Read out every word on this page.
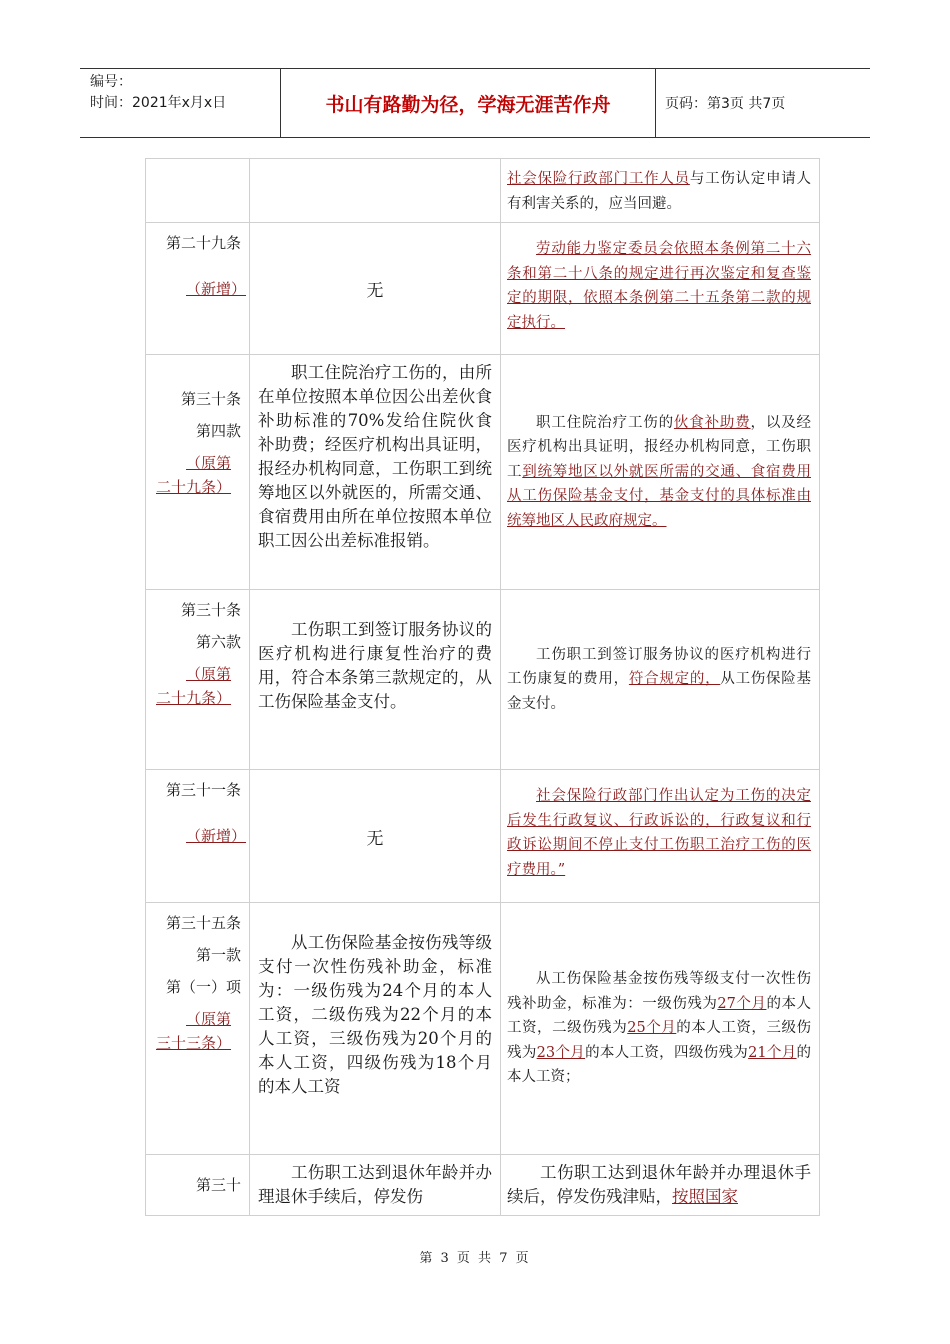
编号：
时间：2021年x月x日	书山有路勤为径，学海无涯苦作舟	页码：第3页 共7页

		社会保险行政部门工作人员与工伤认定申请人有利害关系的，应当回避。

第二十九条
（新增）	无	劳动能力鉴定委员会依照本条例第二十六条和第二十八条的规定进行再次鉴定和复查鉴定的期限，依照本条例第二十五条第二款的规定执行。

第三十条
第四款
（原第二十九条）	职工住院治疗工伤的，由所在单位按照本单位因公出差伙食补助标准的70%发给住院伙食补助费；经医疗机构出具证明，报经办机构同意，工伤职工到统筹地区以外就医的，所需交通、食宿费用由所在单位按照本单位职工因公出差标准报销。	职工住院治疗工伤的伙食补助费，以及经医疗机构出具证明，报经办机构同意，工伤职工到统筹地区以外就医所需的交通、食宿费用从工伤保险基金支付，基金支付的具体标准由统筹地区人民政府规定。

第三十条
第六款
（原第二十九条）	工伤职工到签订服务协议的医疗机构进行康复性治疗的费用，符合本条第三款规定的，从工伤保险基金支付。	工伤职工到签订服务协议的医疗机构进行工伤康复的费用，符合规定的，从工伤保险基金支付。

第三十一条
（新增）	无	社会保险行政部门作出认定为工伤的决定后发生行政复议、行政诉讼的，行政复议和行政诉讼期间不停止支付工伤职工治疗工伤的医疗费用。”

第三十五条
第一款
第（一）项
（原第三十三条）	从工伤保险基金按伤残等级支付一次性伤残补助金，标准为：一级伤残为24个月的本人工资，二级伤残为22个月的本人工资，三级伤残为20个月的本人工资，四级伤残为18个月的本人工资	从工伤保险基金按伤残等级支付一次性伤残补助金，标准为：一级伤残为27个月的本人工资，二级伤残为25个月的本人工资，三级伤残为23个月的本人工资，四级伤残为21个月的本人工资；

第三十	工伤职工达到退休年龄并办理退休手续后，停发伤	工伤职工达到退休年龄并办理退休手续后，停发伤残津贴，按照国家
第 3 页 共 7 页
